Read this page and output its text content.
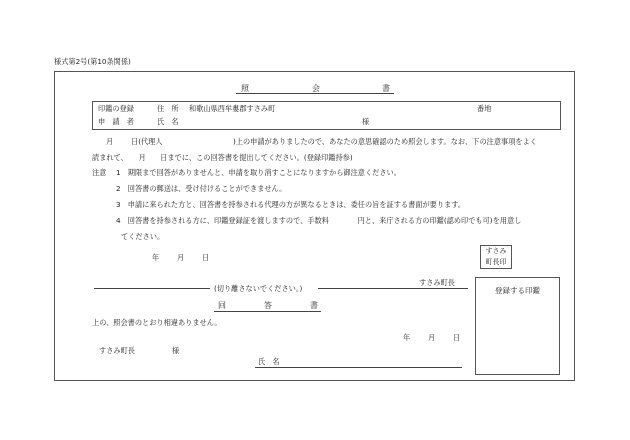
様式第2号(第10条関係)
照	会	書
印鑑の登録	住　所 和歌山県西牟婁郡すさみ町	番地
申　請　者	氏　名	様
月 日(代理人	)上の申請がありましたので、あなたの意思確認のため照会します。なお、下の注意事項をよく
読まれて、　　月　　日までに、この回答書を提出してください。(登録印鑑持参)
注意 1　期限まで回答がありませんと、申請を取り消すことになりますから御注意ください。
2　回答書の郵送は、受け付けることができません。
3　申請に来られた方と、回答書を持参される代理の方が異なるときは、委任の旨を証する書面が要ります。
4　回答書を持参される方に、印鑑登録証を渡しますので、手数料　　　　円と、来庁される方の印鑑(認め印でも可)を用意し
てください。
年 月 日
すさみ
町長印
(切り離さないでください。)
すさみ町長
登録する印鑑
回	答	書
上の、照会書のとおり相違ありません。
年 月 日
すさみ町長	様
氏　名
